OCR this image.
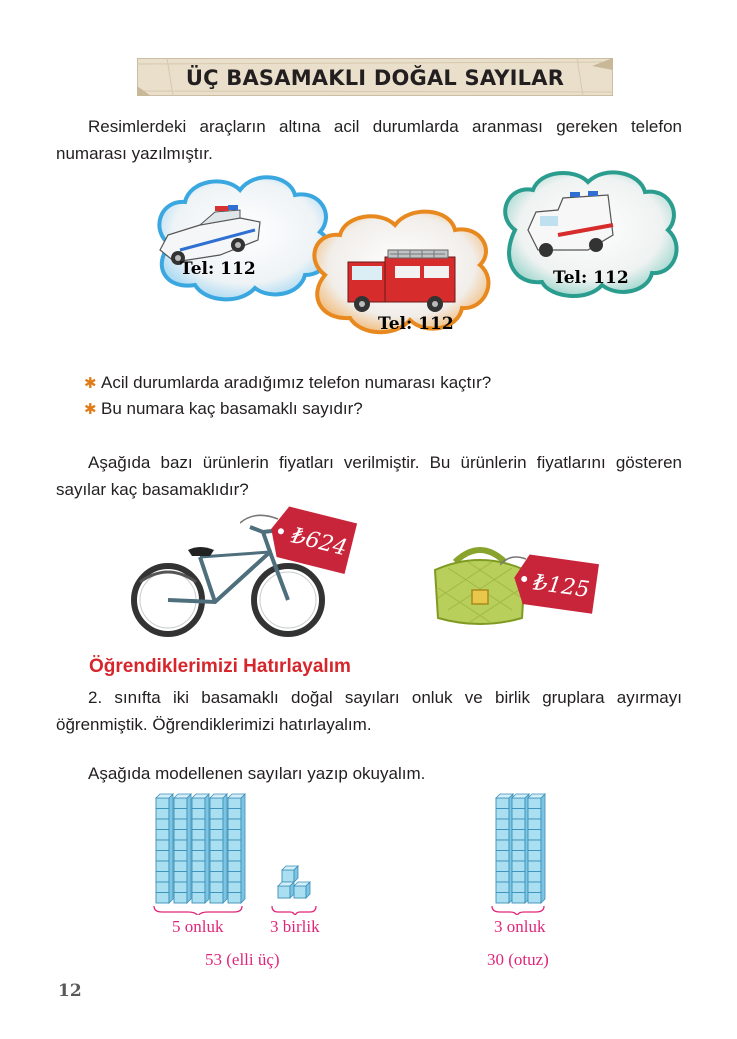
ÜÇ BASAMAKLI DOĞAL SAYILAR
Resimlerdeki araçların altına acil durumlarda aranması gereken telefon numarası yazılmıştır.
Tel: 112
Tel: 112
Tel: 112
✱ Acil durumlarda aradığımız telefon numarası kaçtır?
✱ Bu numara kaç basamaklı sayıdır?
Aşağıda bazı ürünlerin fiyatları verilmiştir. Bu ürünlerin fiyatlarını gösteren sayılar kaç basamaklıdır?
₺624
₺125
Öğrendiklerimizi Hatırlayalım
2. sınıfta iki basamaklı doğal sayıları onluk ve birlik gruplara ayırmayı öğrenmiştik. Öğrendiklerimizi hatırlayalım.
Aşağıda modellenen sayıları yazıp okuyalım.
5 onluk	3 birlik
53 (elli üç)
3 onluk
30 (otuz)
12
